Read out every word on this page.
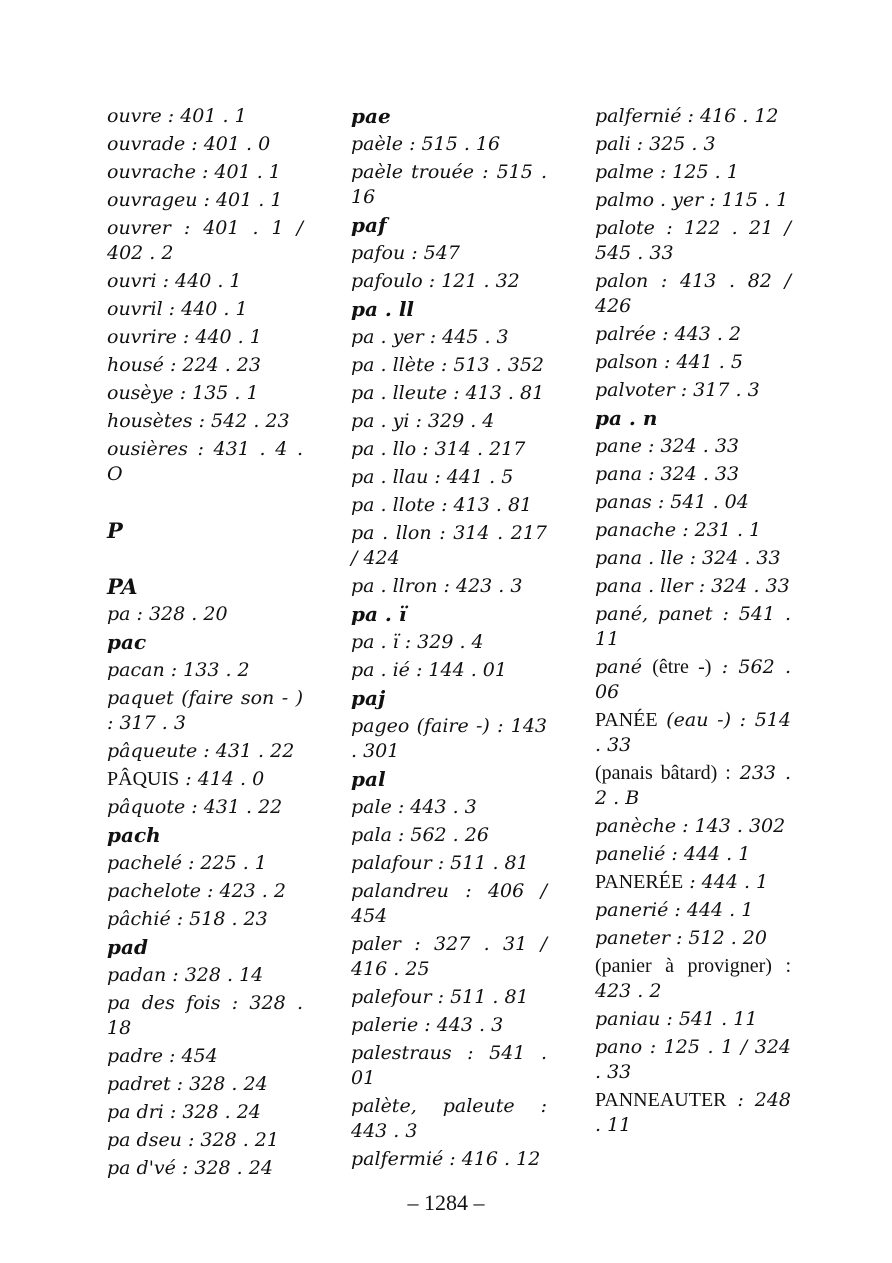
ouvre : 401 . 1
ouvrade : 401 . 0
ouvrache : 401 . 1
ouvrageu : 401 . 1
ouvrer : 401 . 1 / 402 . 2
ouvri : 440 . 1
ouvril : 440 . 1
ouvrire : 440 . 1
housé : 224 . 23
ousèye : 135 . 1
housètes : 542 . 23
ousières : 431 . 4 . O
P
PA
pa : 328 . 20
pac
pacan : 133 . 2
paquet (faire son - ) : 317 . 3
pâqueute : 431 . 22
PÂQUIS : 414 . 0
pâquote : 431 . 22
pach
pachelé : 225 . 1
pachelote : 423 . 2
pâchié : 518 . 23
pad
padan : 328 . 14
pa des fois : 328 . 18
padre : 454
padret : 328 . 24
pa dri : 328 . 24
pa dseu : 328 . 21
pa d'vé : 328 . 24
pae
paèle : 515 . 16
paèle trouée : 515 . 16
paf
pafou : 547
pafoulo : 121 . 32
pa . ll
pa . yer : 445 . 3
pa . llète : 513 . 352
pa . lleute : 413 . 81
pa . yi : 329 . 4
pa . llo : 314 . 217
pa . llau : 441 . 5
pa . llote : 413 . 81
pa . llon : 314 . 217 / 424
pa . llron : 423 . 3
pa . ï
pa . ï : 329 . 4
pa . ié : 144 . 01
paj
pageo (faire -) : 143 . 301
pal
pale : 443 . 3
pala : 562 . 26
palafour : 511 . 81
palandreu : 406 / 454
paler : 327 . 31 / 416 . 25
palefour : 511 . 81
palerie : 443 . 3
palestraus : 541 . 01
palète, paleute : 443 . 3
palfermié : 416 . 12
palfernié : 416 . 12
pali : 325 . 3
palme : 125 . 1
palmo . yer : 115 . 1
palote : 122 . 21 / 545 . 33
palon : 413 . 82 / 426
palrée : 443 . 2
palson : 441 . 5
palvoter : 317 . 3
pa . n
pane : 324 . 33
pana : 324 . 33
panas : 541 . 04
panache : 231 . 1
pana . lle : 324 . 33
pana . ller : 324 . 33
pané, panet : 541 . 11
pané (être -) : 562 . 06
PANÉE (eau -) : 514 . 33
(panais bâtard) : 233 . 2 . B
panèche : 143 . 302
panelié : 444 . 1
PANERÉE : 444 . 1
panerié : 444 . 1
paneter : 512 . 20
(panier à provigner) : 423 . 2
paniau : 541 . 11
pano : 125 . 1 / 324 . 33
PANNEAUTER : 248 . 11
– 1284 –
